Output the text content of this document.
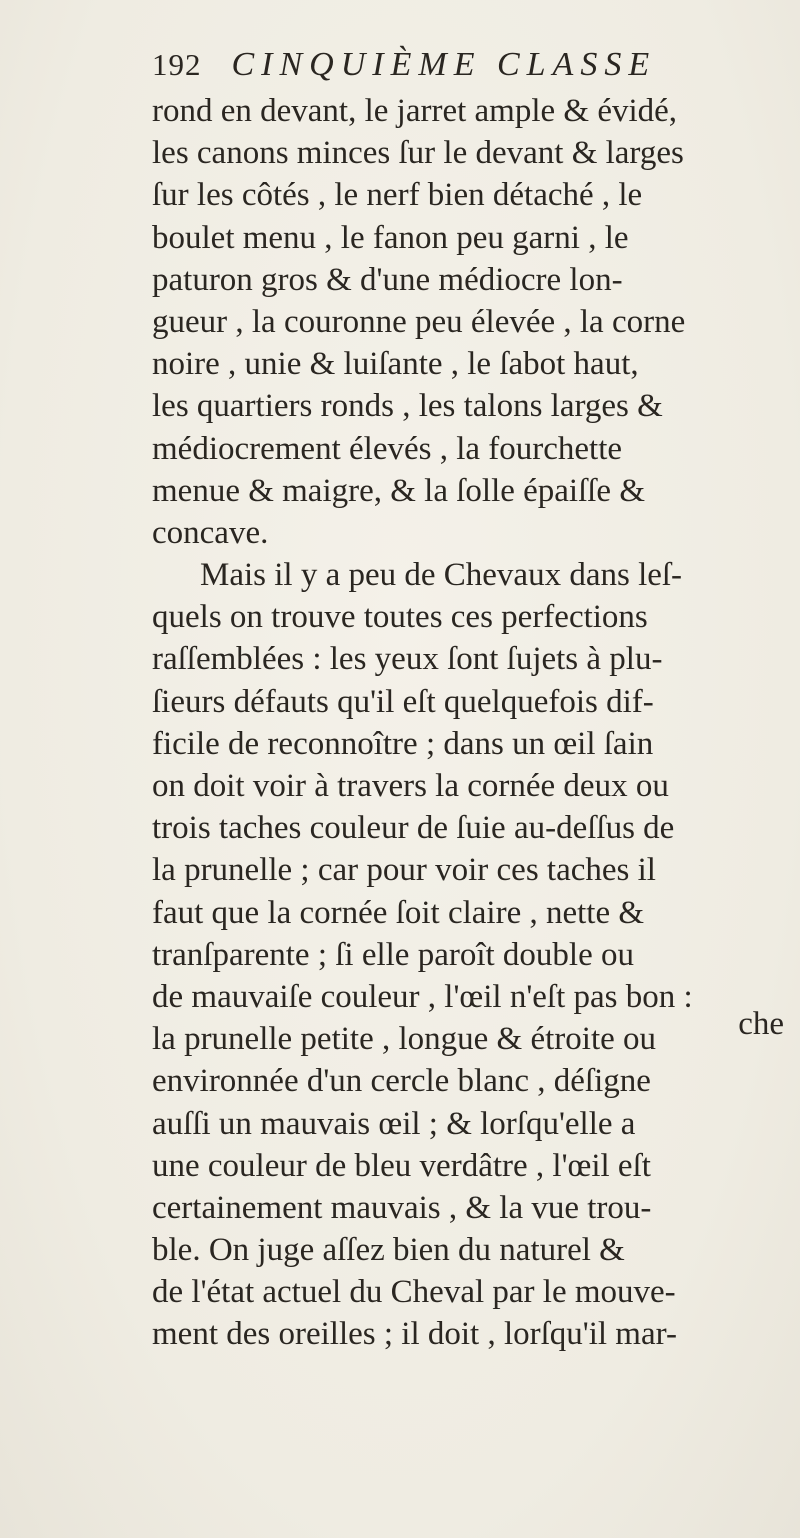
192 CINQUIÈME CLASSE
rond en devant, le jarret ample & évidé,
les canons minces ſur le devant & larges
ſur les côtés , le nerf bien détaché , le
boulet menu , le fanon peu garni , le
paturon gros & d'une médiocre lon-
gueur , la couronne peu élevée , la corne
noire , unie & luiſante , le ſabot haut,
les quartiers ronds , les talons larges &
médiocrement élevés , la fourchette
menue & maigre, & la ſolle épaiſſe &
concave.
Mais il y a peu de Chevaux dans leſ-
quels on trouve toutes ces perfections
raſſemblées : les yeux ſont ſujets à plu-
ſieurs défauts qu'il eſt quelquefois dif-
ficile de reconnoître ; dans un œil ſain
on doit voir à travers la cornée deux ou
trois taches couleur de ſuie au-deſſus de
la prunelle ; car pour voir ces taches il
faut que la cornée ſoit claire , nette &
tranſparente ; ſi elle paroît double ou
de mauvaiſe couleur , l'œil n'eſt pas bon :
la prunelle petite , longue & étroite ou
environnée d'un cercle blanc , déſigne
auſſi un mauvais œil ; & lorſqu'elle a
une couleur de bleu verdâtre , l'œil eſt
certainement mauvais , & la vue trou-
ble. On juge aſſez bien du naturel &
de l'état actuel du Cheval par le mouve-
ment des oreilles ; il doit , lorſqu'il mar-
che
